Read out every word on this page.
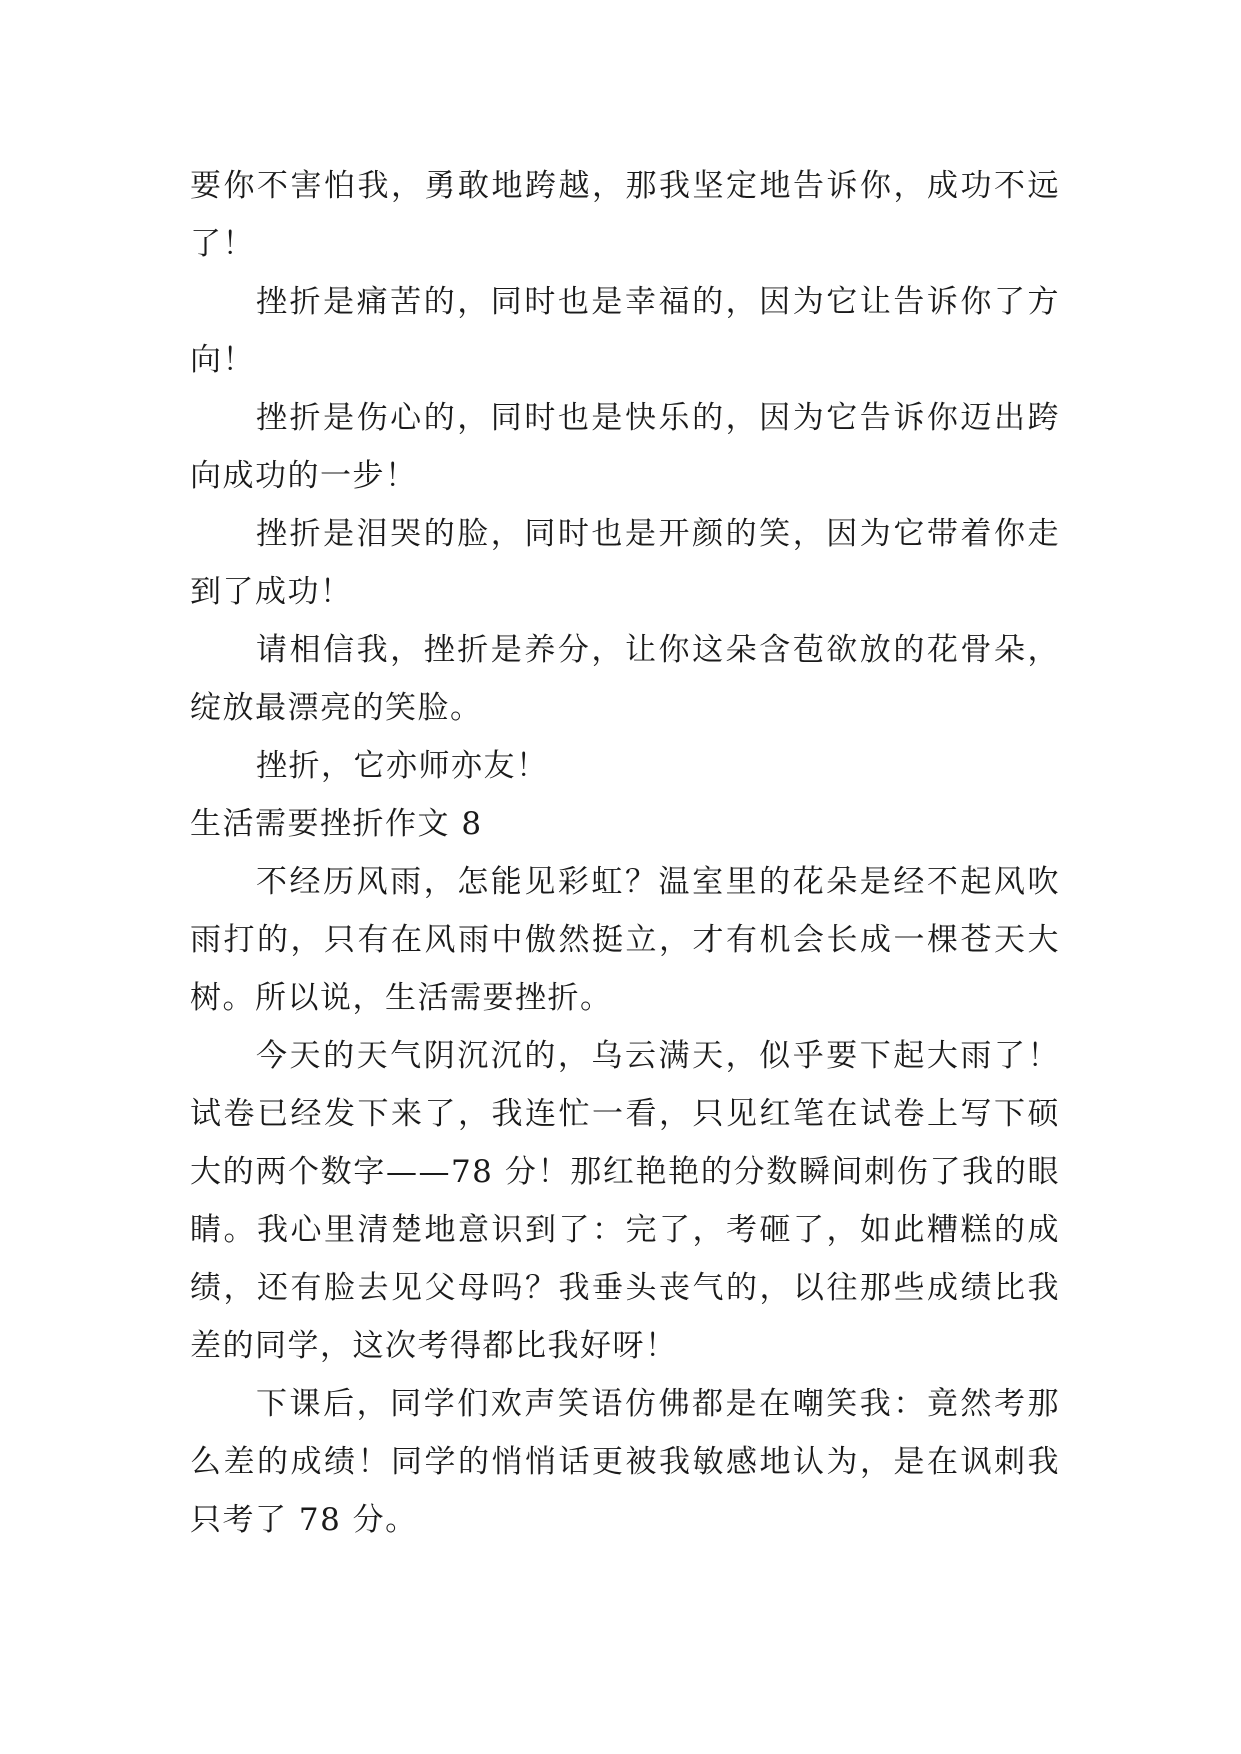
要你不害怕我，勇敢地跨越，那我坚定地告诉你，成功不远了！

挫折是痛苦的，同时也是幸福的，因为它让告诉你了方向！

挫折是伤心的，同时也是快乐的，因为它告诉你迈出跨向成功的一步！

挫折是泪哭的脸，同时也是开颜的笑，因为它带着你走到了成功！

请相信我，挫折是养分，让你这朵含苞欲放的花骨朵，绽放最漂亮的笑脸。

挫折，它亦师亦友！

生活需要挫折作文 8

不经历风雨，怎能见彩虹？温室里的花朵是经不起风吹雨打的，只有在风雨中傲然挺立，才有机会长成一棵苍天大树。所以说，生活需要挫折。

今天的天气阴沉沉的，乌云满天，似乎要下起大雨了！试卷已经发下来了，我连忙一看，只见红笔在试卷上写下硕大的两个数字——78 分！那红艳艳的分数瞬间刺伤了我的眼睛。我心里清楚地意识到了：完了，考砸了，如此糟糕的成绩，还有脸去见父母吗？我垂头丧气的，以往那些成绩比我差的同学，这次考得都比我好呀！

下课后，同学们欢声笑语仿佛都是在嘲笑我：竟然考那么差的成绩！同学的悄悄话更被我敏感地认为，是在讽刺我只考了 78 分。
